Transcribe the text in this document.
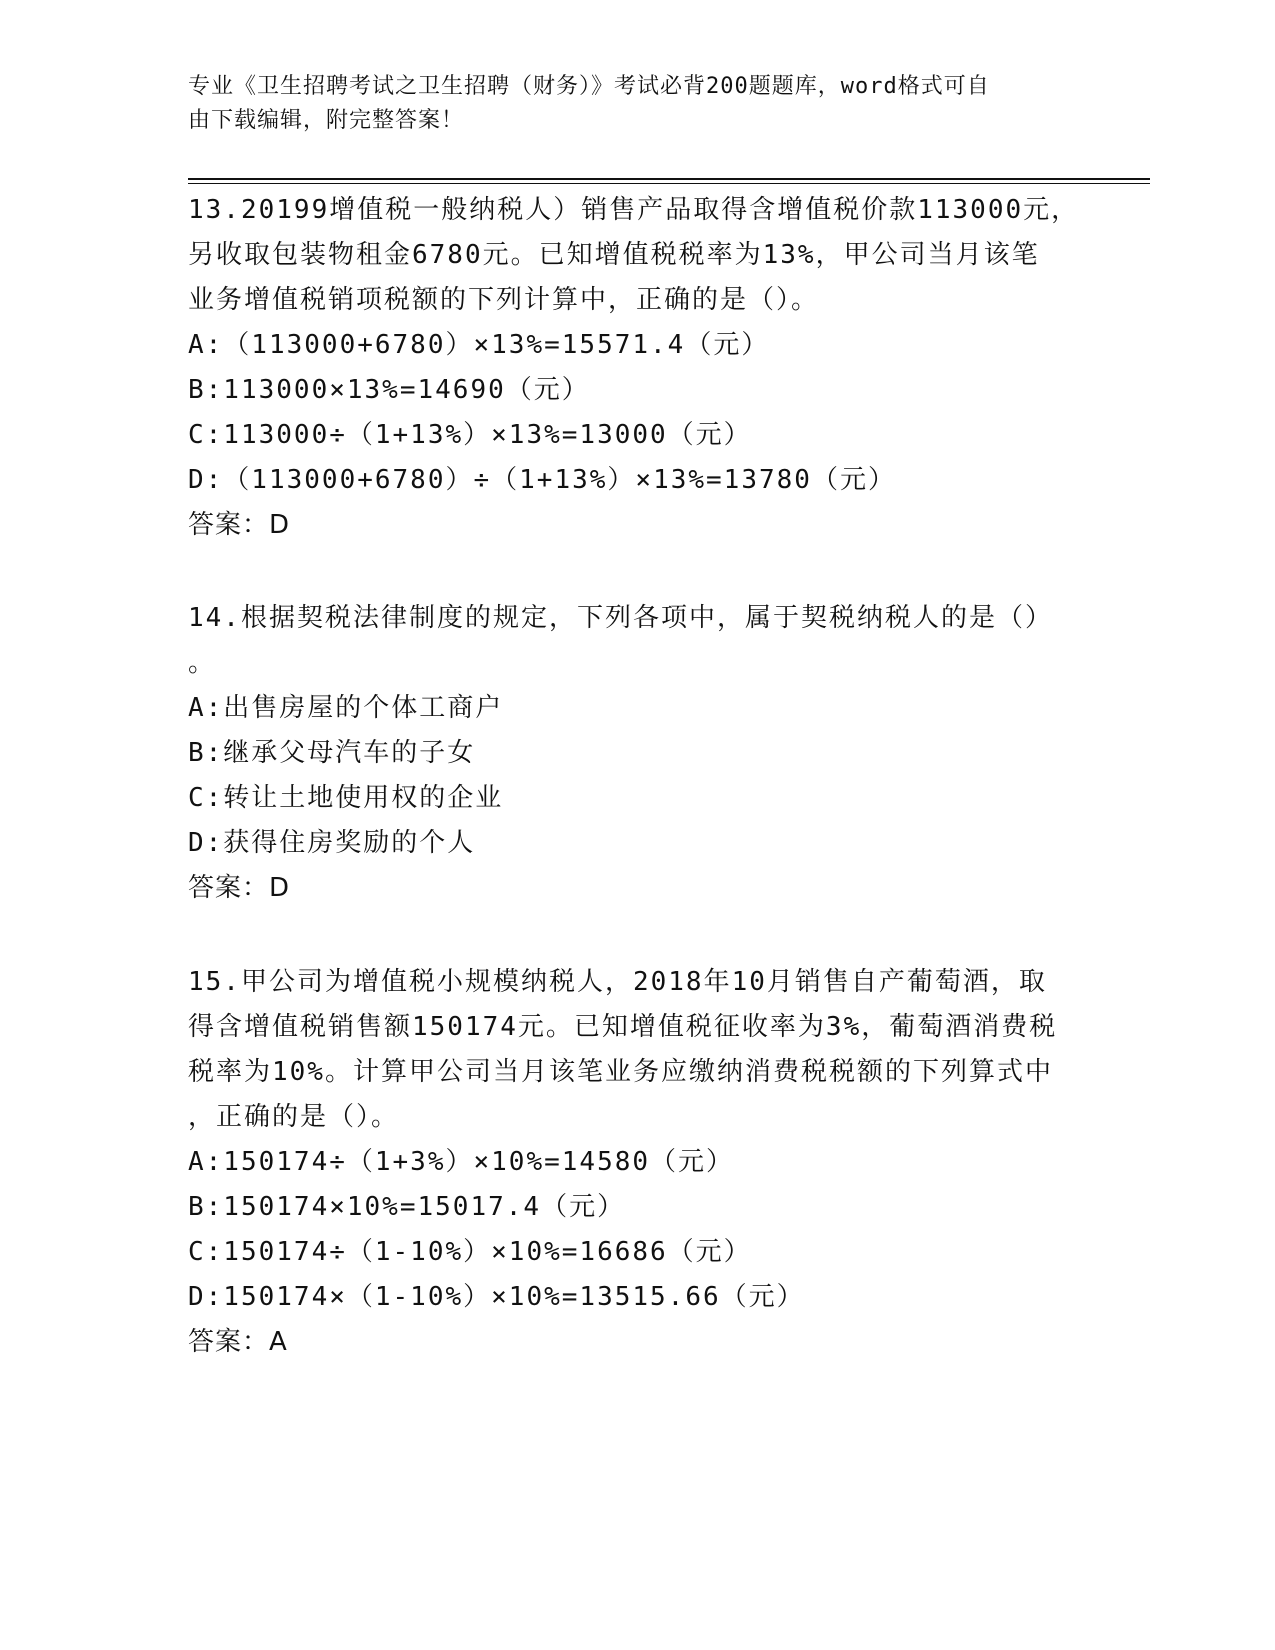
专业《卫生招聘考试之卫生招聘（财务）》考试必背200题题库，word格式可自
由下载编辑，附完整答案！
13.20199增值税一般纳税人）销售产品取得含增值税价款113000元，
另收取包装物租金6780元。已知增值税税率为13%，甲公司当月该笔
业务增值税销项税额的下列计算中，正确的是（）。
A:（113000+6780）×13%=15571.4（元）
B:113000×13%=14690（元）
C:113000÷（1+13%）×13%=13000（元）
D:（113000+6780）÷（1+13%）×13%=13780（元）
答案：D
14.根据契税法律制度的规定，下列各项中，属于契税纳税人的是（）
。
A:出售房屋的个体工商户
B:继承父母汽车的子女
C:转让土地使用权的企业
D:获得住房奖励的个人
答案：D
15.甲公司为增值税小规模纳税人，2018年10月销售自产葡萄酒，取
得含增值税销售额150174元。已知增值税征收率为3%，葡萄酒消费税
税率为10%。计算甲公司当月该笔业务应缴纳消费税税额的下列算式中
，正确的是（）。
A:150174÷（1+3%）×10%=14580（元）
B:150174×10%=15017.4（元）
C:150174÷（1-10%）×10%=16686（元）
D:150174×（1-10%）×10%=13515.66（元）
答案：A
